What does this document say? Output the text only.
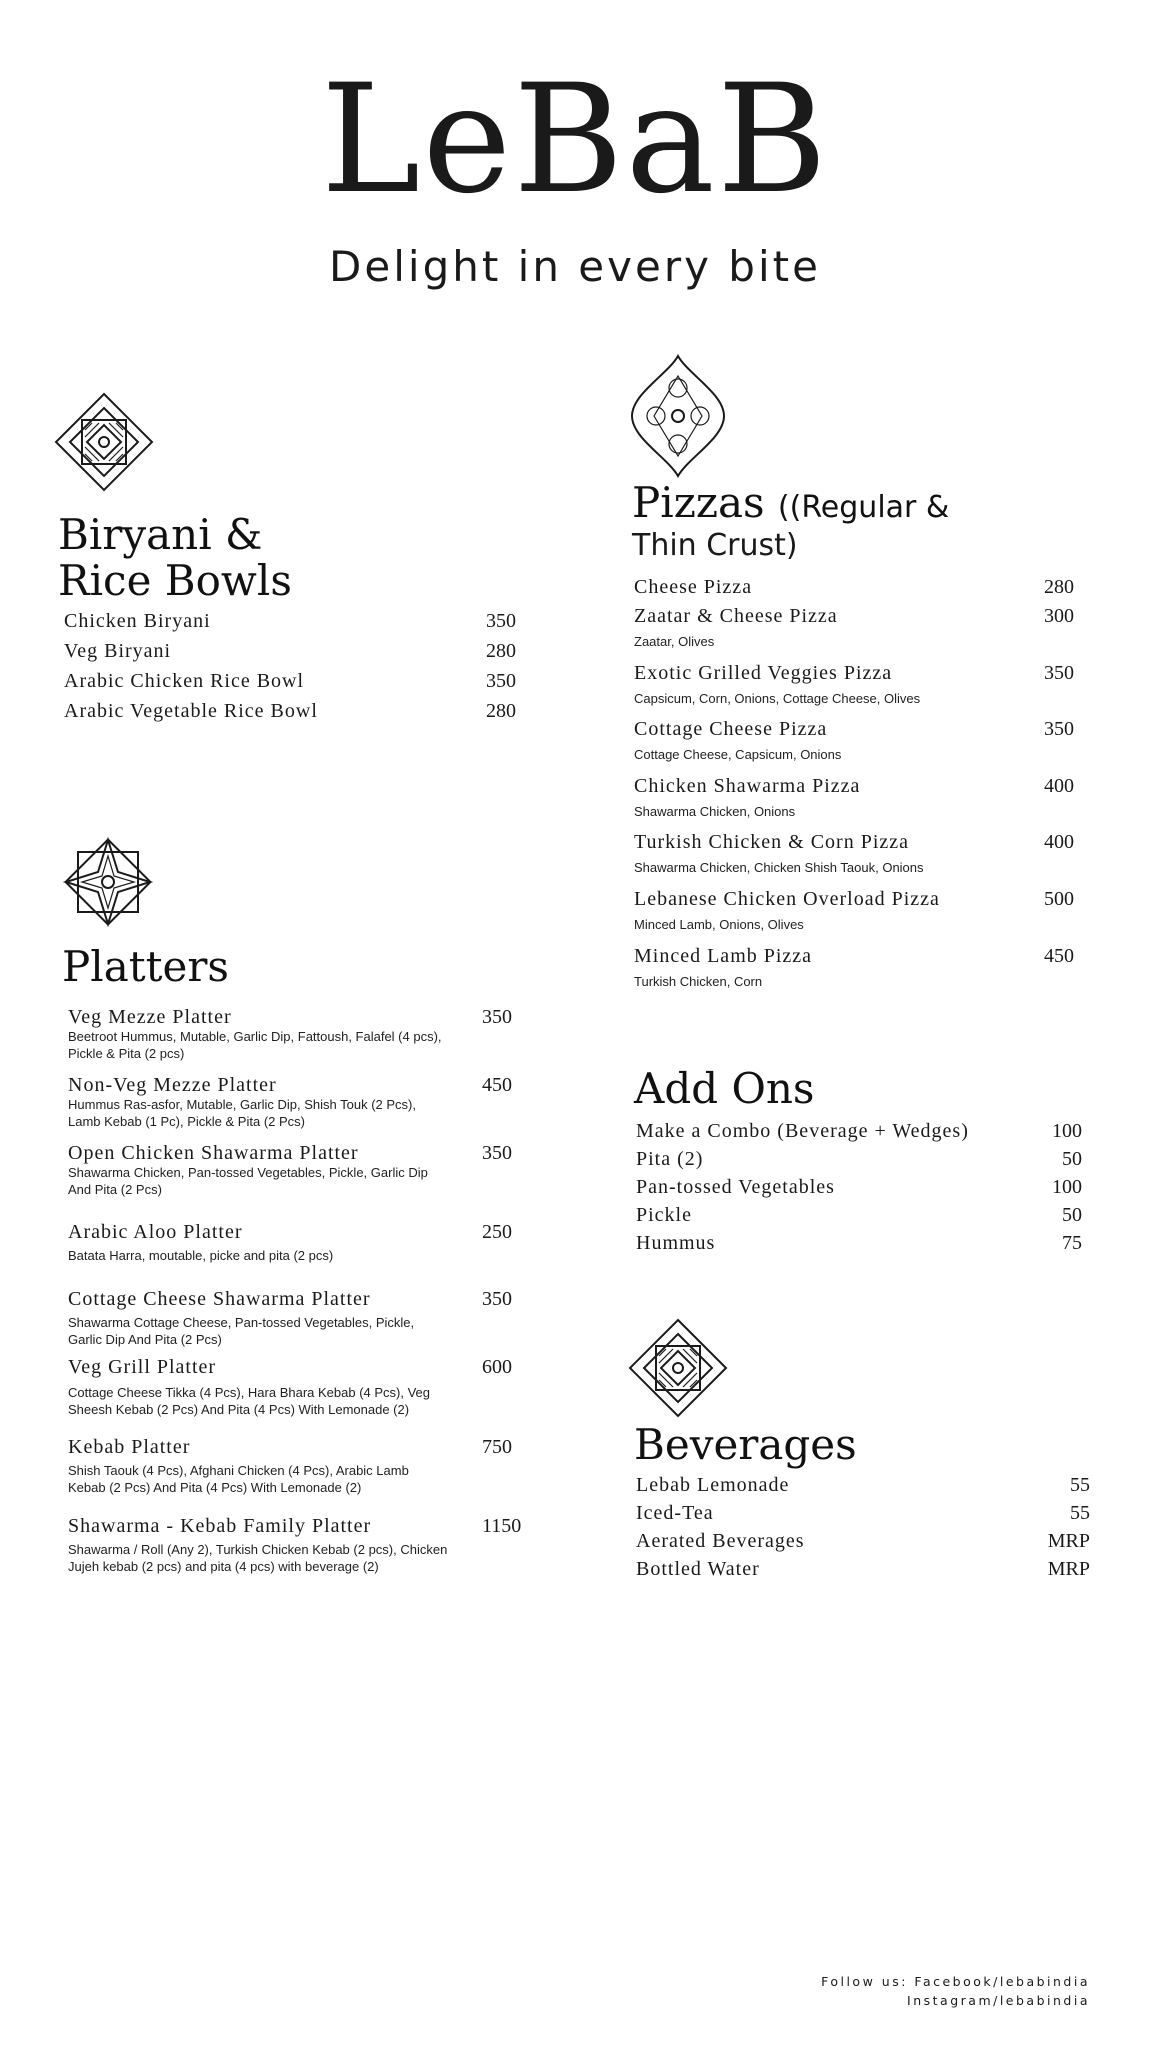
LeBaB
Delight in every bite
Biryani &
Rice Bowls
Chicken Biryani	350
Veg Biryani	280
Arabic Chicken Rice Bowl	350
Arabic Vegetable Rice Bowl	280
Platters
Veg Mezze Platter	350
Beetroot Hummus, Mutable, Garlic Dip, Fattoush, Falafel (4 pcs),
Pickle & Pita (2 pcs)
Non-Veg Mezze Platter	450
Hummus Ras-asfor, Mutable, Garlic Dip, Shish Touk (2 Pcs),
Lamb Kebab (1 Pc), Pickle & Pita (2 Pcs)
Open Chicken Shawarma Platter	350
Shawarma Chicken, Pan-tossed Vegetables, Pickle, Garlic Dip
And Pita (2 Pcs)
Arabic Aloo Platter	250
Batata Harra, moutable, picke and pita (2 pcs)
Cottage Cheese Shawarma Platter	350
Shawarma Cottage Cheese, Pan-tossed Vegetables, Pickle,
Garlic Dip And Pita (2 Pcs)
Veg Grill Platter	600
Cottage Cheese Tikka (4 Pcs), Hara Bhara Kebab (4 Pcs), Veg
Sheesh Kebab (2 Pcs) And Pita (4 Pcs) With Lemonade (2)
Kebab Platter	750
Shish Taouk (4 Pcs), Afghani Chicken (4 Pcs), Arabic Lamb
Kebab (2 Pcs) And Pita (4 Pcs) With Lemonade (2)
Shawarma - Kebab Family Platter	1150
Shawarma / Roll (Any 2), Turkish Chicken Kebab (2 pcs), Chicken
Jujeh kebab (2 pcs) and pita (4 pcs) with beverage (2)
Pizzas ((Regular &
Thin Crust)
Cheese Pizza	280
Zaatar & Cheese Pizza	300
Zaatar, Olives
Exotic Grilled Veggies Pizza	350
Capsicum, Corn, Onions, Cottage Cheese, Olives
Cottage Cheese Pizza	350
Cottage Cheese, Capsicum, Onions
Chicken Shawarma Pizza	400
Shawarma Chicken, Onions
Turkish Chicken & Corn Pizza	400
Shawarma Chicken, Chicken Shish Taouk, Onions
Lebanese Chicken Overload Pizza	500
Minced Lamb, Onions, Olives
Minced Lamb Pizza	450
Turkish Chicken, Corn
Add Ons
Make a Combo (Beverage + Wedges)	100
Pita (2)	50
Pan-tossed Vegetables	100
Pickle	50
Hummus	75
Beverages
Lebab Lemonade	55
Iced-Tea	55
Aerated Beverages	MRP
Bottled Water	MRP
Follow us: Facebook/lebabindia
Instagram/lebabindia
